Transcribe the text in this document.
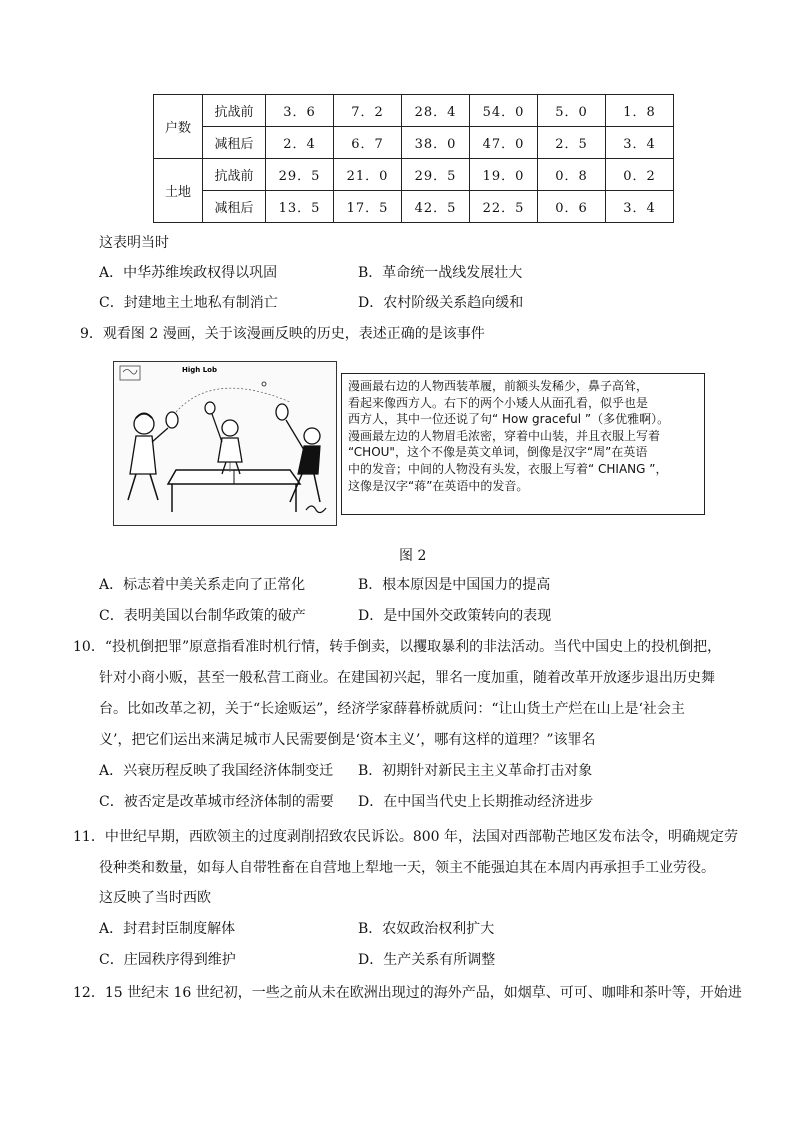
户数	抗战前	3．6	7．2	28．4	54．0	5．0	1．8
	减租后	2．4	6．7	38．0	47．0	2．5	3．4
土地	抗战前	29．5	21．0	29．5	19．0	0．8	0．2
	减租后	13．5	17．5	42．5	22．5	0．6	3．4
这表明当时
A．中华苏维埃政权得以巩固	B．革命统一战线发展壮大
C．封建地主土地私有制消亡	D．农村阶级关系趋向缓和
9．观看图 2 漫画，关于该漫画反映的历史，表述正确的是该事件
High Lob
漫画最右边的人物西装革履，前额头发稀少，鼻子高耸，
看起来像西方人。右下的两个小矮人从面孔看，似乎也是
西方人，其中一位还说了句“ How graceful ”（多优雅啊）。
漫画最左边的人物眉毛浓密，穿着中山装，并且衣服上写着
“CHOU"，这个不像是英文单词，倒像是汉字“周”在英语
中的发音；中间的人物没有头发，衣服上写着“ CHIANG ”，
这像是汉字“蒋”在英语中的发音。
图 2
A．标志着中美关系走向了正常化	B．根本原因是中国国力的提高
C．表明美国以台制华政策的破产	D．是中国外交政策转向的表现
10．“投机倒把罪”原意指看准时机行情，转手倒卖，以攫取暴利的非法活动。当代中国史上的投机倒把，
针对小商小贩，甚至一般私营工商业。在建国初兴起，罪名一度加重，随着改革开放逐步退出历史舞
台。比如改革之初，关于“长途贩运”，经济学家薛暮桥就质问：“让山货土产烂在山上是‘社会主
义’，把它们运出来满足城市人民需要倒是‘资本主义’，哪有这样的道理？”该罪名
A．兴衰历程反映了我国经济体制变迁 B．初期针对新民主主义革命打击对象
C．被否定是改革城市经济体制的需要 D．在中国当代史上长期推动经济进步
11．中世纪早期，西欧领主的过度剥削招致农民诉讼。800 年，法国对西部勒芒地区发布法令，明确规定劳
役种类和数量，如每人自带牲畜在自营地上犁地一天，领主不能强迫其在本周内再承担手工业劳役。
这反映了当时西欧
A．封君封臣制度解体	B．农奴政治权利扩大
C．庄园秩序得到维护	D．生产关系有所调整
12．15 世纪末 16 世纪初，一些之前从未在欧洲出现过的海外产品，如烟草、可可、咖啡和茶叶等，开始进
